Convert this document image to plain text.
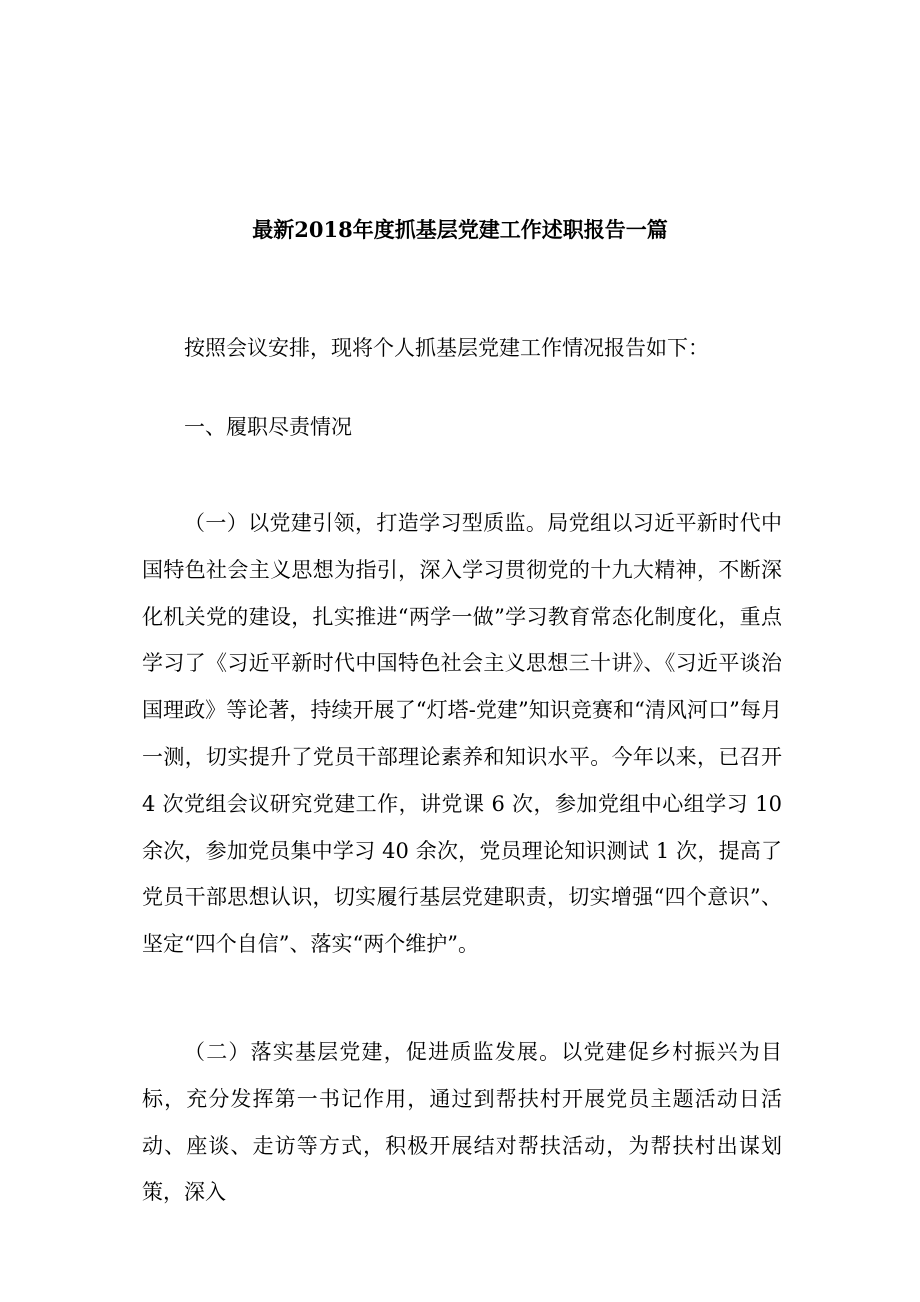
最新2018年度抓基层党建工作述职报告一篇

按照会议安排，现将个人抓基层党建工作情况报告如下：

一、履职尽责情况

（一）以党建引领，打造学习型质监。局党组以习近平新时代中国特色社会主义思想为指引，深入学习贯彻党的十九大精神，不断深化机关党的建设，扎实推进“两学一做”学习教育常态化制度化，重点学习了《习近平新时代中国特色社会主义思想三十讲》、《习近平谈治国理政》等论著，持续开展了“灯塔-党建”知识竞赛和“清风河口”每月一测，切实提升了党员干部理论素养和知识水平。今年以来，已召开 4 次党组会议研究党建工作，讲党课 6 次，参加党组中心组学习 10 余次，参加党员集中学习 40 余次，党员理论知识测试 1 次，提高了党员干部思想认识，切实履行基层党建职责，切实增强“四个意识”、坚定“四个自信”、落实“两个维护”。

（二）落实基层党建，促进质监发展。以党建促乡村振兴为目标，充分发挥第一书记作用，通过到帮扶村开展党员主题活动日活动、座谈、走访等方式，积极开展结对帮扶活动，为帮扶村出谋划策，深入
